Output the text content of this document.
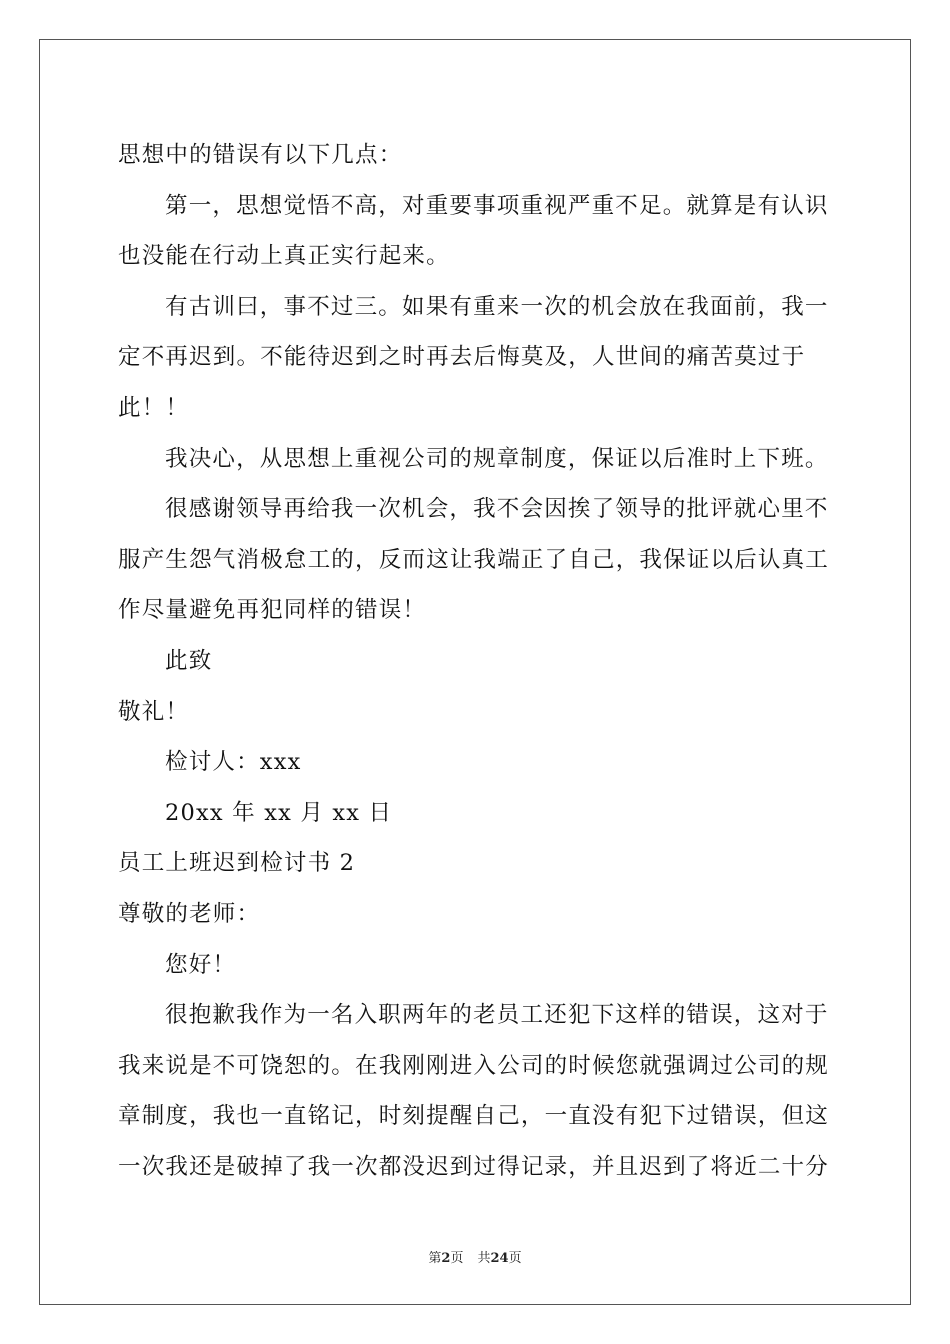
思想中的错误有以下几点：
第一，思想觉悟不高，对重要事项重视严重不足。就算是有认识
也没能在行动上真正实行起来。
有古训曰，事不过三。如果有重来一次的机会放在我面前，我一
定不再迟到。不能待迟到之时再去后悔莫及，人世间的痛苦莫过于
此！！
我决心，从思想上重视公司的规章制度，保证以后准时上下班。
很感谢领导再给我一次机会，我不会因挨了领导的批评就心里不
服产生怨气消极怠工的，反而这让我端正了自己，我保证以后认真工
作尽量避免再犯同样的错误！
此致
敬礼！
检讨人：xxx
20xx 年 xx 月 xx 日
员工上班迟到检讨书 2
尊敬的老师：
您好！
很抱歉我作为一名入职两年的老员工还犯下这样的错误，这对于
我来说是不可饶恕的。在我刚刚进入公司的时候您就强调过公司的规
章制度，我也一直铭记，时刻提醒自己，一直没有犯下过错误，但这
一次我还是破掉了我一次都没迟到过得记录，并且迟到了将近二十分
第2页 共24页
